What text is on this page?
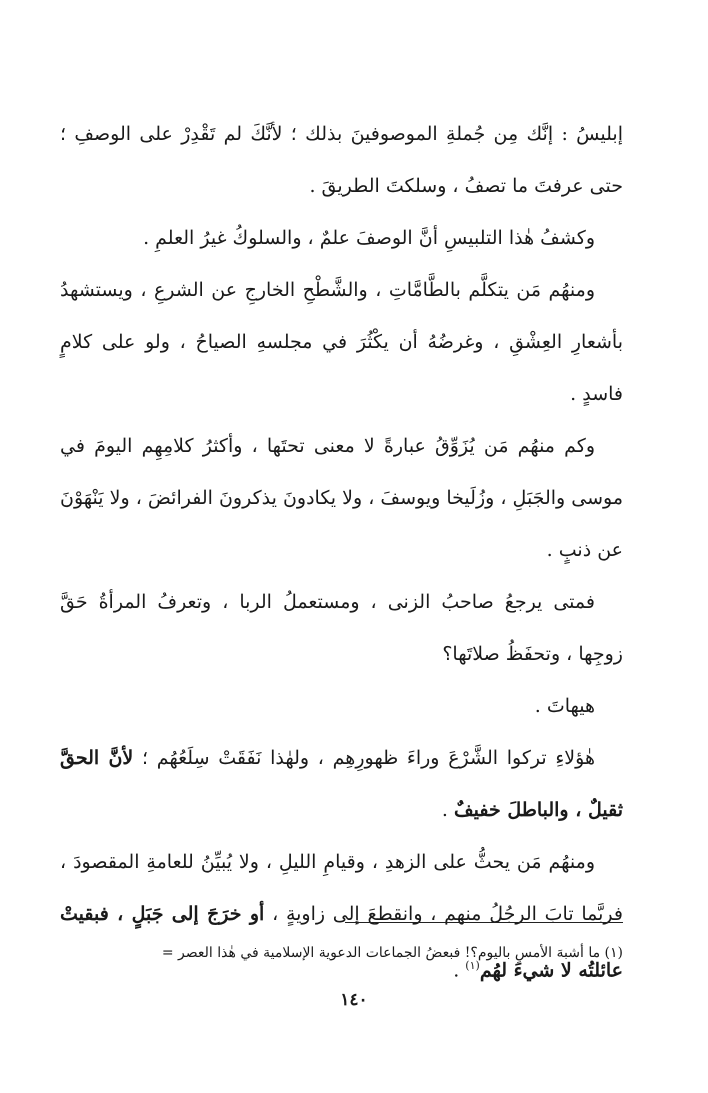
إبليسُ : إنَّك مِن جُملةِ الموصوفينَ بذلك ؛ لأنَّكَ لم تَقْدِرْ على الوصفِ ؛ حتى عرفتَ ما تصفُ ، وسلكتَ الطريقَ .

وكشفُ هٰذا التلبيسِ أنَّ الوصفَ علمٌ ، والسلوكُ غيرُ العلمِ .

ومنهُم مَن يتكلَّم بالطَّامَّاتِ ، والشَّطْحِ الخارجِ عن الشرعِ ، ويستشهدُ بأشعارِ العِشْقِ ، وغرضُهُ أن يكْثُرَ في مجلسهِ الصياحُ ، ولو على كلامٍ فاسدٍ .

وكم منهُم مَن يُزَوِّقُ عبارةً لا معنى تحتَها ، وأكثرُ كلامِهِم اليومَ في موسى والجَبَلِ ، وزُلَيخا ويوسفَ ، ولا يكادونَ يذكرونَ الفرائضَ ، ولا يَنْهَوْنَ عن ذنبٍ .

فمتى يرجعُ صاحبُ الزنى ، ومستعملُ الربا ، وتعرفُ المرأةُ حَقَّ زوجِها ، وتحفَظُ صلاتَها؟

هيهاتَ .

هٰؤلاءِ تركوا الشَّرْعَ وراءَ ظهورِهِم ، ولهٰذا نَفَقَتْ سِلَعُهُم ؛ لأنَّ الحقَّ ثقيلٌ ، والباطلَ خفيفٌ .

ومنهُم مَن يحثُّ على الزهدِ ، وقيامِ الليلِ ، ولا يُبيِّنُ للعامةِ المقصودَ ، فربَّما تابَ الرجُلُ منهم ، وانقطعَ إلى زاويةٍ ، أو خرَجَ إلى جَبَلٍ ، فبقيتْ عائلتُه لا شيءَ لهُم$^{(١)}$ .

(١) ما أشبهَ الأمسِ باليوم؟! فبعضُ الجماعات الدعوية الإسلامية في هٰذا العصر =
١٤٠
